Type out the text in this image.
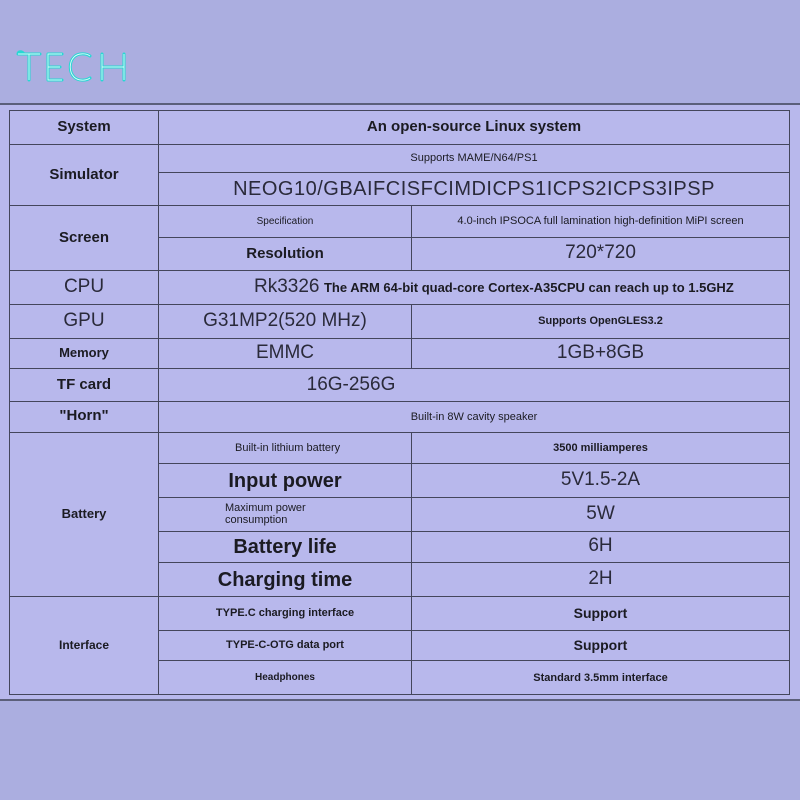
System	An open-source Linux system	
Simulator	Supports MAME/N64/PS1	
	NEOG10/GBAIFCISFCIMDICPS1ICPS2ICPS3IPSP	
Screen	Specification	4.0-inch IPSOCA full lamination high-definition MiPI screen
	Resolution	720*720
CPU	Rk3326 The ARM 64-bit quad-core Cortex-A35CPU can reach up to 1.5GHZ	
GPU	G31MP2(520 MHz)	Supports OpenGLES3.2
Memory	EMMC	1GB+8GB
TF card	16G-256G	
"Horn"	Built-in 8W cavity speaker	
Battery	Built-in lithium battery	3500 milliamperes
	Input power	5V1.5-2A
	Maximum power consumption	5W
	Battery life	6H
	Charging time	2H
Interface	TYPE.C charging interface	Support
	TYPE-C-OTG data port	Support
	Headphones	Standard 3.5mm interface
